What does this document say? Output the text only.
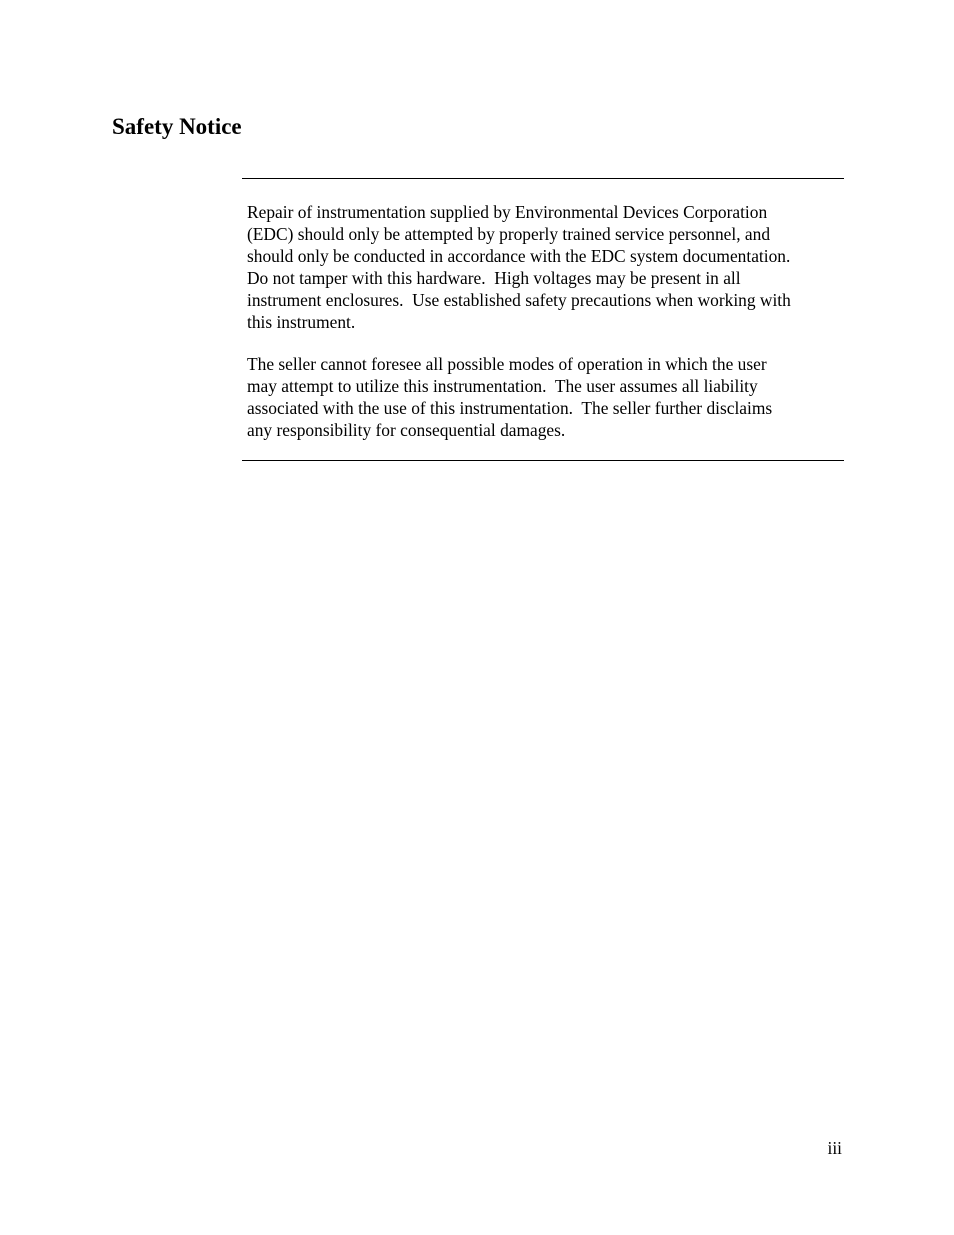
Safety Notice

Repair of instrumentation supplied by Environmental Devices Corporation
(EDC) should only be attempted by properly trained service personnel, and
should only be conducted in accordance with the EDC system documentation.
Do not tamper with this hardware.  High voltages may be present in all
instrument enclosures.  Use established safety precautions when working with
this instrument.

The seller cannot foresee all possible modes of operation in which the user
may attempt to utilize this instrumentation.  The user assumes all liability
associated with the use of this instrumentation.  The seller further disclaims
any responsibility for consequential damages.

iii
